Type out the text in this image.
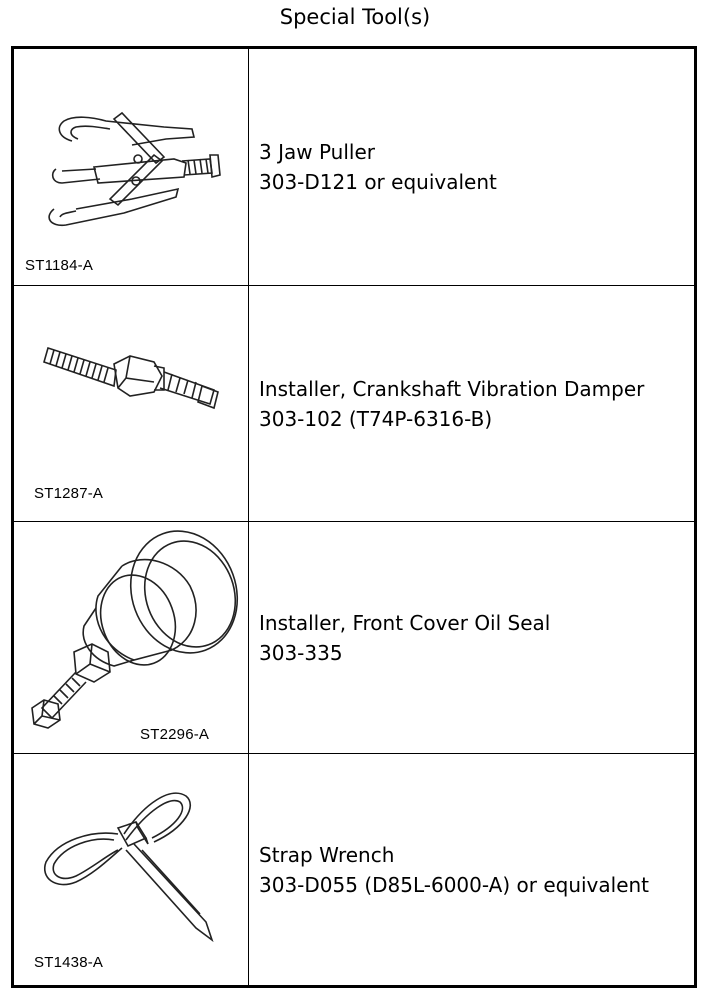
Special Tool(s)
ST1184-A
3 Jaw Puller
303-D121 or equivalent
ST1287-A
Installer, Crankshaft Vibration Damper
303-102 (T74P-6316-B)
ST2296-A
Installer, Front Cover Oil Seal
303-335
ST1438-A
Strap Wrench
303-D055 (D85L-6000-A) or equivalent
